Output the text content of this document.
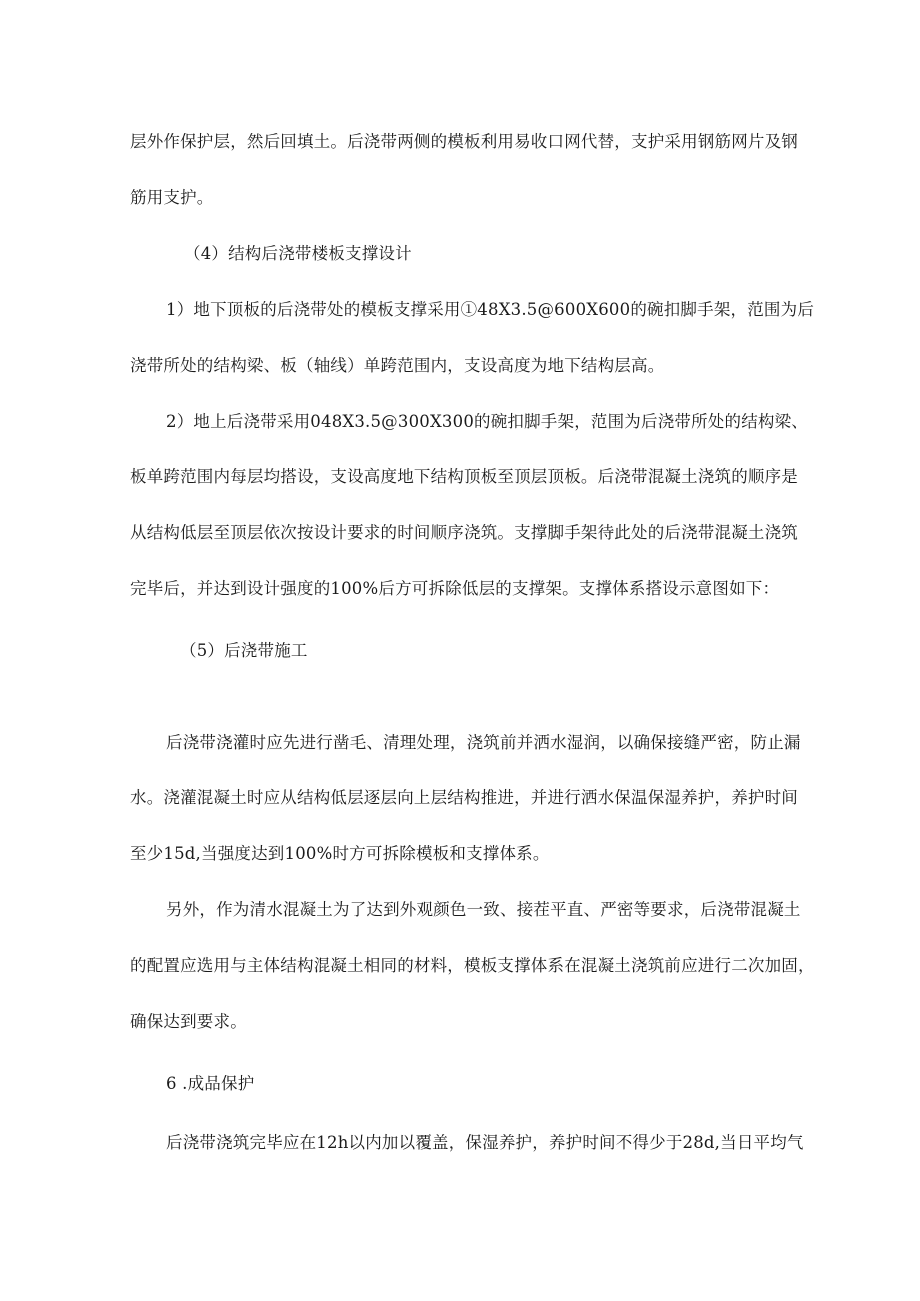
层外作保护层，然后回填土。后浇带两侧的模板利用易收口网代替，支护采用钢筋网片及钢
筋用支护。
（4）结构后浇带楼板支撑设计
1）地下顶板的后浇带处的模板支撑采用①48X3.5@600X600的碗扣脚手架，范围为后
浇带所处的结构梁、板（轴线）单跨范围内，支设高度为地下结构层高。
2）地上后浇带采用048X3.5@300X300的碗扣脚手架，范围为后浇带所处的结构梁、
板单跨范围内每层均搭设，支设高度地下结构顶板至顶层顶板。后浇带混凝土浇筑的顺序是
从结构低层至顶层依次按设计要求的时间顺序浇筑。支撑脚手架待此处的后浇带混凝土浇筑
完毕后，并达到设计强度的100%后方可拆除低层的支撑架。支撑体系搭设示意图如下：
（5）后浇带施工
后浇带浇灌时应先进行凿毛、清理处理，浇筑前并洒水湿润，以确保接缝严密，防止漏
水。浇灌混凝土时应从结构低层逐层向上层结构推进，并进行洒水保温保湿养护，养护时间
至少15d,当强度达到100%时方可拆除模板和支撑体系。
另外，作为清水混凝土为了达到外观颜色一致、接茬平直、严密等要求，后浇带混凝土
的配置应选用与主体结构混凝土相同的材料，模板支撑体系在混凝土浇筑前应进行二次加固，
确保达到要求。
6 .成品保护
后浇带浇筑完毕应在12h以内加以覆盖，保湿养护，养护时间不得少于28d,当日平均气
